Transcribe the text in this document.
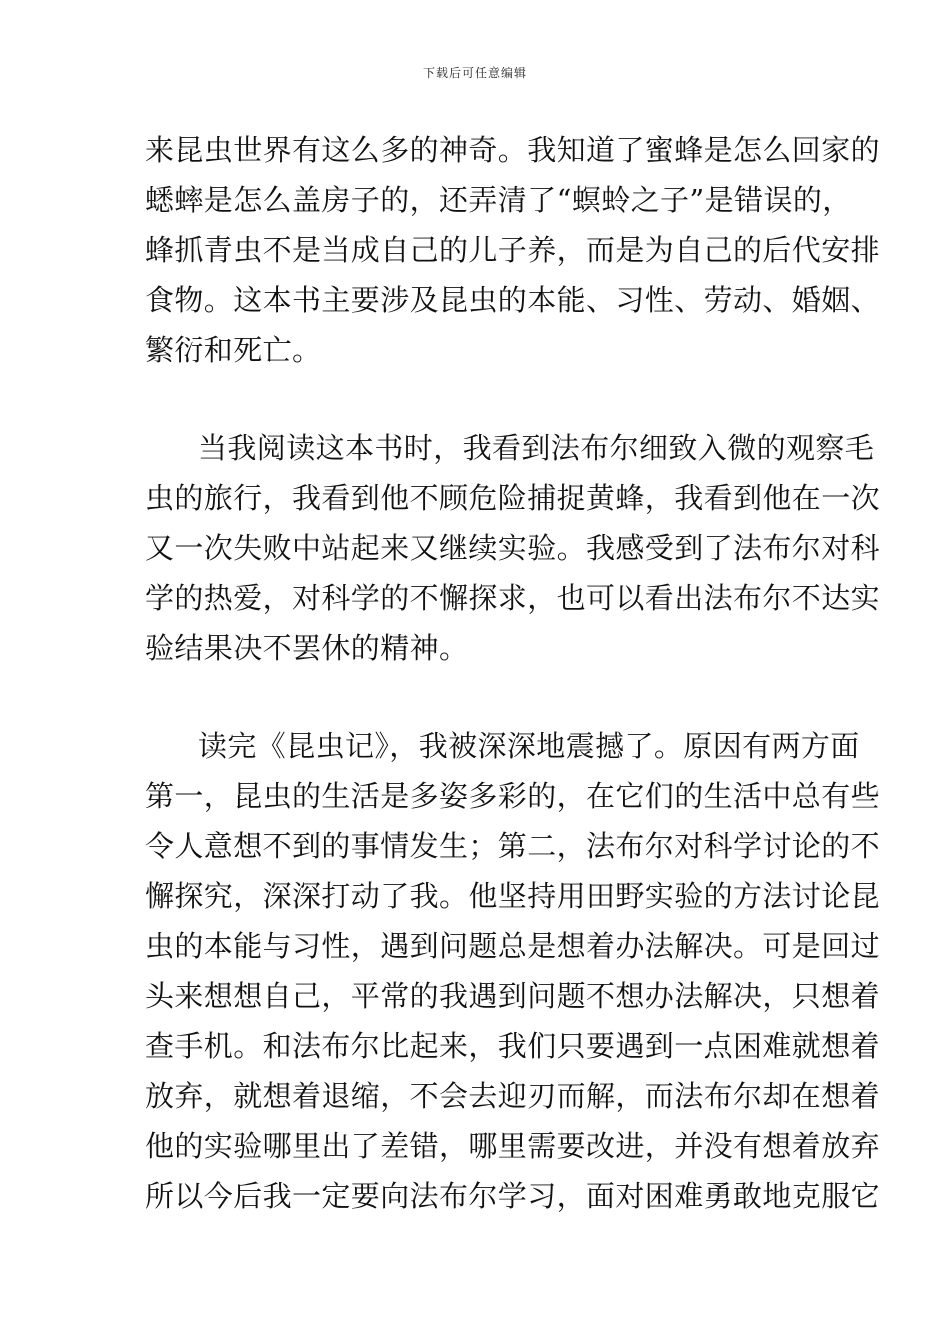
下载后可任意编辑
来昆虫世界有这么多的神奇。我知道了蜜蜂是怎么回家的
蟋蟀是怎么盖房子的，还弄清了“螟蛉之子”是错误的，
蜂抓青虫不是当成自己的儿子养，而是为自己的后代安排
食物。这本书主要涉及昆虫的本能、习性、劳动、婚姻、
繁衍和死亡。
当我阅读这本书时，我看到法布尔细致入微的观察毛
虫的旅行，我看到他不顾危险捕捉黄蜂，我看到他在一次
又一次失败中站起来又继续实验。我感受到了法布尔对科
学的热爱，对科学的不懈探求，也可以看出法布尔不达实
验结果决不罢休的精神。
读完《昆虫记》，我被深深地震撼了。原因有两方面
第一，昆虫的生活是多姿多彩的，在它们的生活中总有些
令人意想不到的事情发生；第二，法布尔对科学讨论的不
懈探究，深深打动了我。他坚持用田野实验的方法讨论昆
虫的本能与习性，遇到问题总是想着办法解决。可是回过
头来想想自己，平常的我遇到问题不想办法解决，只想着
查手机。和法布尔比起来，我们只要遇到一点困难就想着
放弃，就想着退缩，不会去迎刃而解，而法布尔却在想着
他的实验哪里出了差错，哪里需要改进，并没有想着放弃
所以今后我一定要向法布尔学习，面对困难勇敢地克服它
